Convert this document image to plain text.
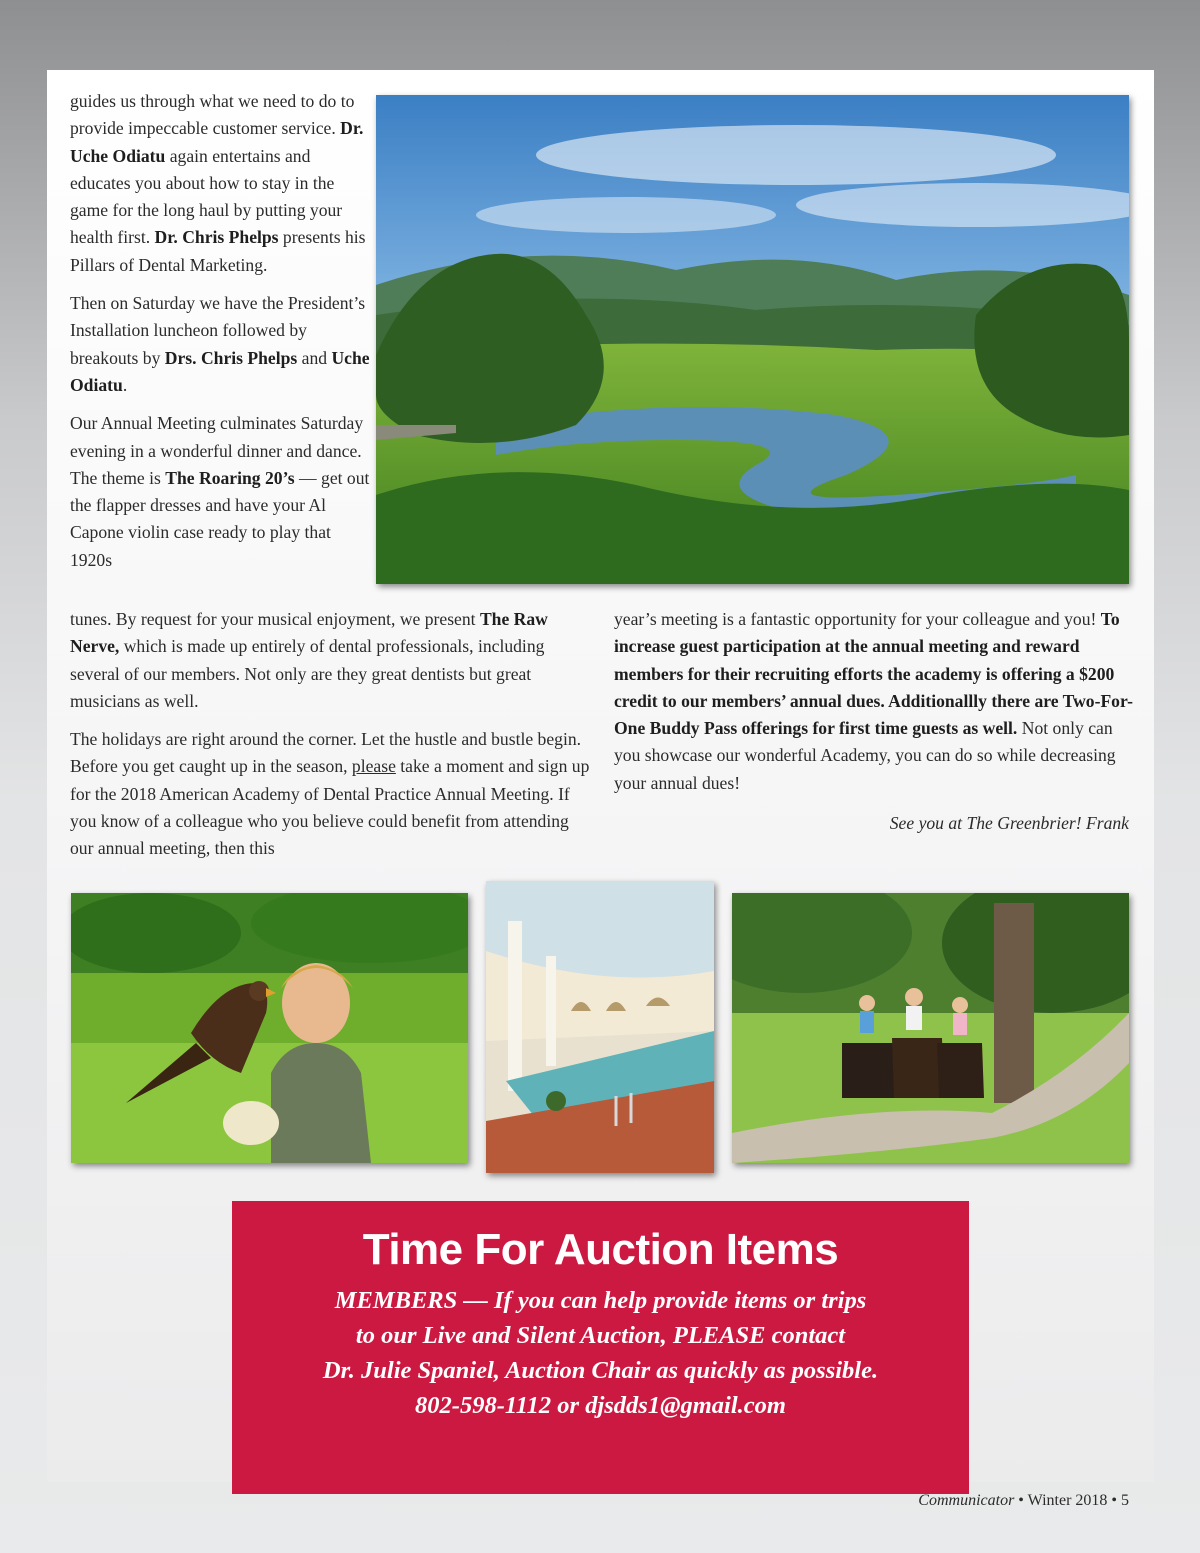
guides us through what we need to do to provide impeccable customer service. Dr. Uche Odiatu again entertains and educates you about how to stay in the game for the long haul by putting your health first. Dr. Chris Phelps presents his Pillars of Dental Marketing.

Then on Saturday we have the President’s Installation luncheon followed by breakouts by Drs. Chris Phelps and Uche Odiatu.

Our Annual Meeting culminates Saturday evening in a wonderful dinner and dance. The theme is The Roaring 20’s — get out the flapper dresses and have your Al Capone violin case ready to play that 1920s

tunes. By request for your musical enjoyment, we present The Raw Nerve, which is made up entirely of dental professionals, including several of our members. Not only are they great dentists but great musicians as well.

The holidays are right around the corner. Let the hustle and bustle begin. Before you get caught up in the season, please take a moment and sign up for the 2018 American Academy of Dental Practice Annual Meeting. If you know of a colleague who you believe could benefit from attending our annual meeting, then this

year’s meeting is a fantastic opportunity for your colleague and you! To increase guest participation at the annual meeting and reward members for their recruiting efforts the academy is offering a $200 credit to our members’ annual dues. Additionallly there are Two-For-One Buddy Pass offerings for first time guests as well. Not only can you showcase our wonderful Academy, you can do so while decreasing your annual dues!

See you at The Greenbrier! Frank
Time For Auction Items

MEMBERS — If you can help provide items or trips
to our Live and Silent Auction, PLEASE contact
Dr. Julie Spaniel, Auction Chair as quickly as possible.
802-598-1112 or djsdds1@gmail.com

Communicator • Winter 2018 • 5
